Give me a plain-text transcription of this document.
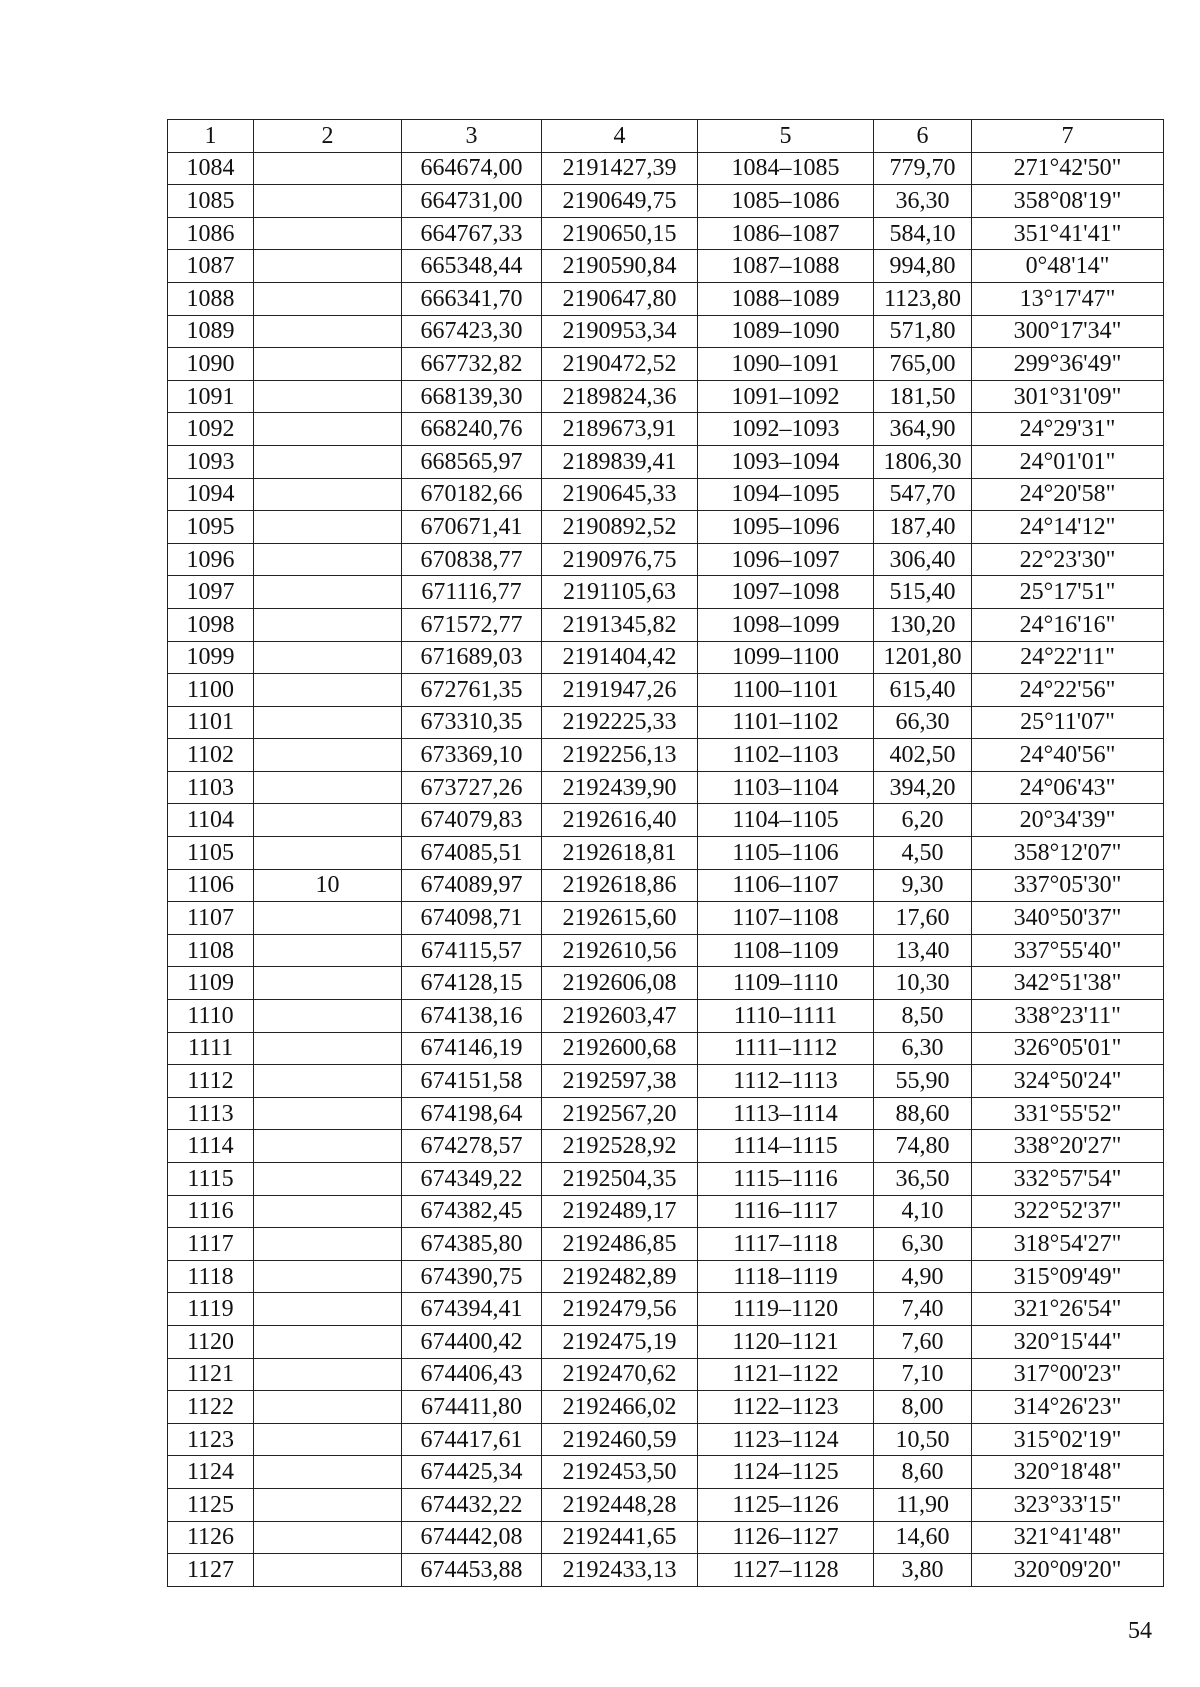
1	2	3	4	5	6	7
1084		664674,00	2191427,39	1084–1085	779,70	271°42'50"
1085		664731,00	2190649,75	1085–1086	36,30	358°08'19"
1086		664767,33	2190650,15	1086–1087	584,10	351°41'41"
1087		665348,44	2190590,84	1087–1088	994,80	0°48'14"
1088		666341,70	2190647,80	1088–1089	1123,80	13°17'47"
1089		667423,30	2190953,34	1089–1090	571,80	300°17'34"
1090		667732,82	2190472,52	1090–1091	765,00	299°36'49"
1091		668139,30	2189824,36	1091–1092	181,50	301°31'09"
1092		668240,76	2189673,91	1092–1093	364,90	24°29'31"
1093		668565,97	2189839,41	1093–1094	1806,30	24°01'01"
1094		670182,66	2190645,33	1094–1095	547,70	24°20'58"
1095		670671,41	2190892,52	1095–1096	187,40	24°14'12"
1096		670838,77	2190976,75	1096–1097	306,40	22°23'30"
1097		671116,77	2191105,63	1097–1098	515,40	25°17'51"
1098		671572,77	2191345,82	1098–1099	130,20	24°16'16"
1099		671689,03	2191404,42	1099–1100	1201,80	24°22'11"
1100		672761,35	2191947,26	1100–1101	615,40	24°22'56"
1101		673310,35	2192225,33	1101–1102	66,30	25°11'07"
1102		673369,10	2192256,13	1102–1103	402,50	24°40'56"
1103		673727,26	2192439,90	1103–1104	394,20	24°06'43"
1104		674079,83	2192616,40	1104–1105	6,20	20°34'39"
1105		674085,51	2192618,81	1105–1106	4,50	358°12'07"
1106	10	674089,97	2192618,86	1106–1107	9,30	337°05'30"
1107		674098,71	2192615,60	1107–1108	17,60	340°50'37"
1108		674115,57	2192610,56	1108–1109	13,40	337°55'40"
1109		674128,15	2192606,08	1109–1110	10,30	342°51'38"
1110		674138,16	2192603,47	1110–1111	8,50	338°23'11"
1111		674146,19	2192600,68	1111–1112	6,30	326°05'01"
1112		674151,58	2192597,38	1112–1113	55,90	324°50'24"
1113		674198,64	2192567,20	1113–1114	88,60	331°55'52"
1114		674278,57	2192528,92	1114–1115	74,80	338°20'27"
1115		674349,22	2192504,35	1115–1116	36,50	332°57'54"
1116		674382,45	2192489,17	1116–1117	4,10	322°52'37"
1117		674385,80	2192486,85	1117–1118	6,30	318°54'27"
1118		674390,75	2192482,89	1118–1119	4,90	315°09'49"
1119		674394,41	2192479,56	1119–1120	7,40	321°26'54"
1120		674400,42	2192475,19	1120–1121	7,60	320°15'44"
1121		674406,43	2192470,62	1121–1122	7,10	317°00'23"
1122		674411,80	2192466,02	1122–1123	8,00	314°26'23"
1123		674417,61	2192460,59	1123–1124	10,50	315°02'19"
1124		674425,34	2192453,50	1124–1125	8,60	320°18'48"
1125		674432,22	2192448,28	1125–1126	11,90	323°33'15"
1126		674442,08	2192441,65	1126–1127	14,60	321°41'48"
1127		674453,88	2192433,13	1127–1128	3,80	320°09'20"
54
